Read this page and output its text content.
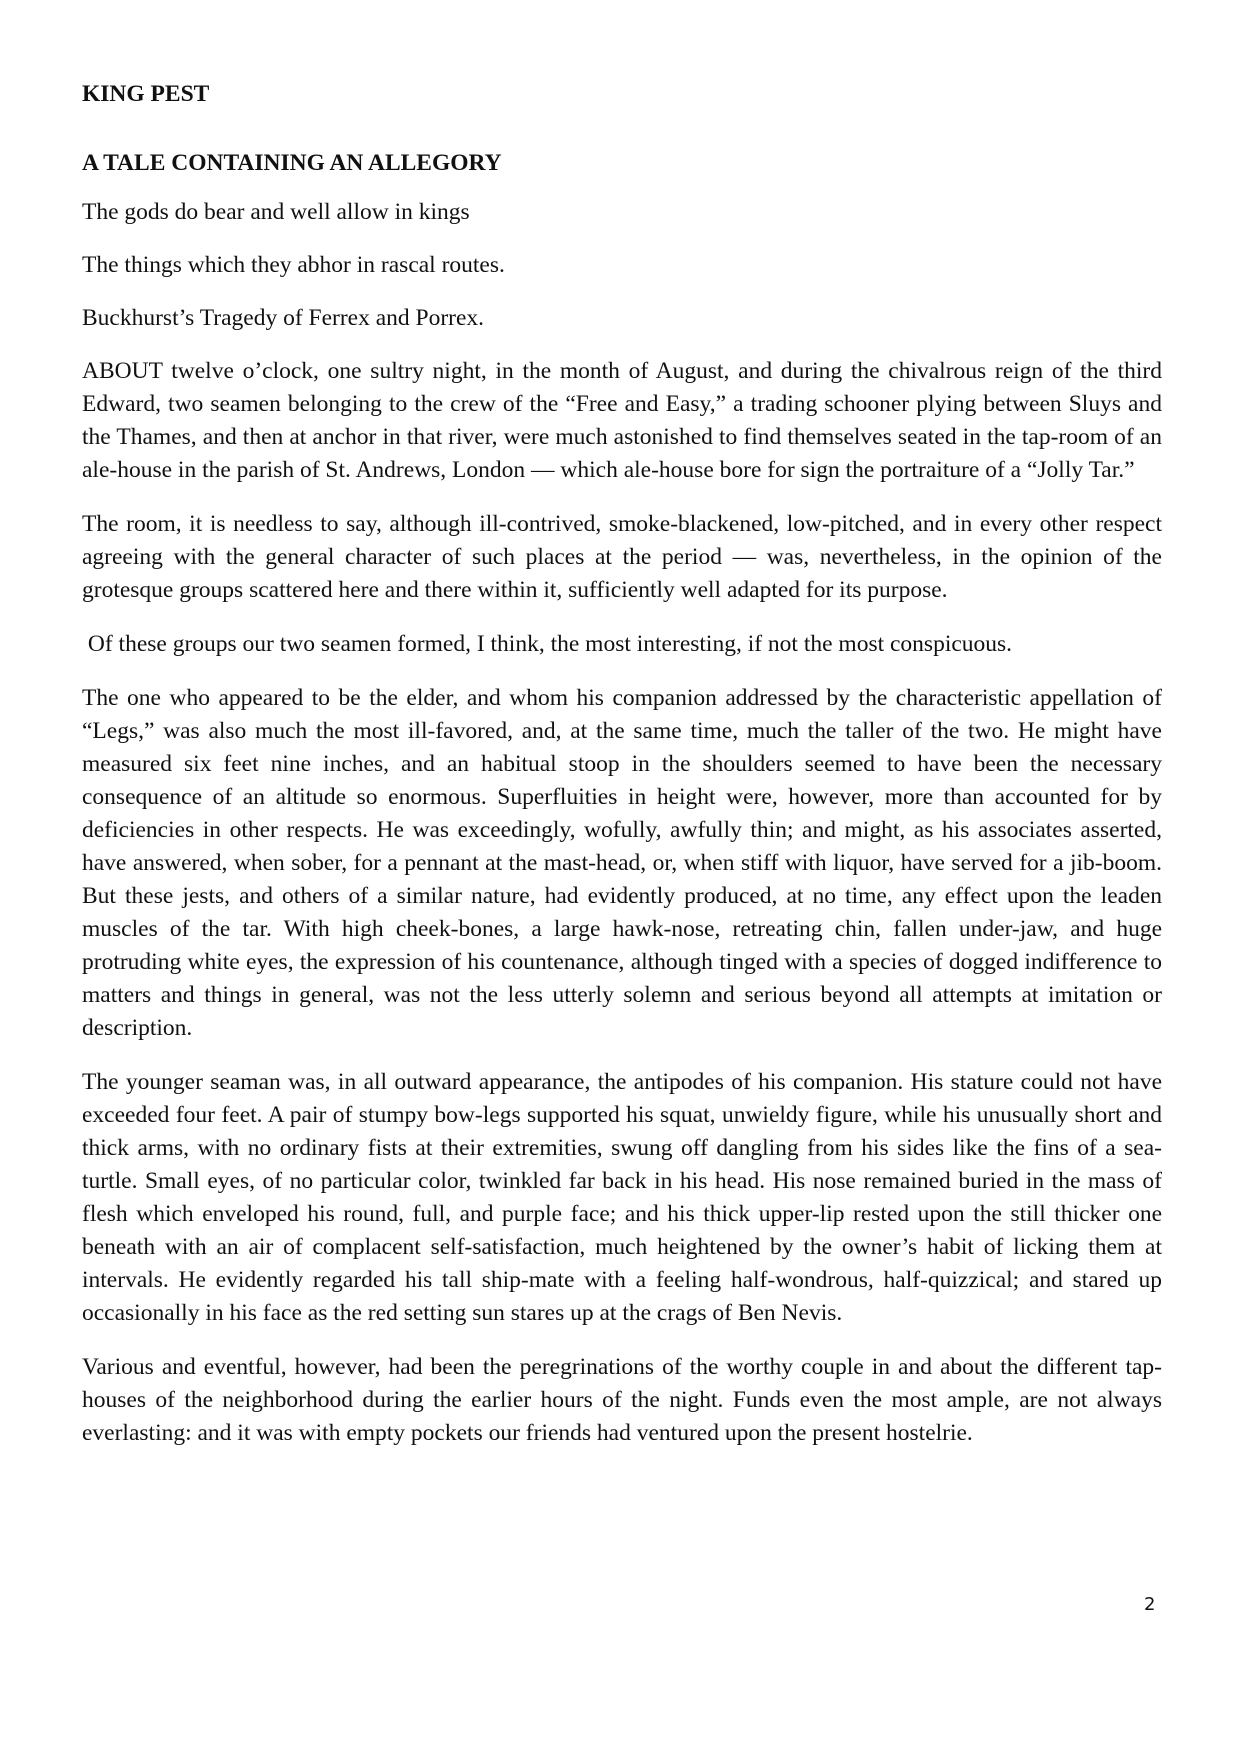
KING PEST
A TALE CONTAINING AN ALLEGORY

The gods do bear and well allow in kings

The things which they abhor in rascal routes.

Buckhurst’s Tragedy of Ferrex and Porrex.

ABOUT twelve o’clock, one sultry night, in the month of August, and during the chivalrous reign of the third Edward, two seamen belonging to the crew of the “Free and Easy,” a trading schooner plying between Sluys and the Thames, and then at anchor in that river, were much astonished to find themselves seated in the tap-room of an ale-house in the parish of St. Andrews, London — which ale-house bore for sign the portraiture of a “Jolly Tar.”

The room, it is needless to say, although ill-contrived, smoke-blackened, low-pitched, and in every other respect agreeing with the general character of such places at the period — was, nevertheless, in the opinion of the grotesque groups scattered here and there within it, sufficiently well adapted for its purpose.

Of these groups our two seamen formed, I think, the most interesting, if not the most conspicuous.

The one who appeared to be the elder, and whom his companion addressed by the characteristic appellation of “Legs,” was also much the most ill-favored, and, at the same time, much the taller of the two. He might have measured six feet nine inches, and an habitual stoop in the shoulders seemed to have been the necessary consequence of an altitude so enormous. Superfluities in height were, however, more than accounted for by deficiencies in other respects. He was exceedingly, wofully, awfully thin; and might, as his associates asserted, have answered, when sober, for a pennant at the mast-head, or, when stiff with liquor, have served for a jib-boom. But these jests, and others of a similar nature, had evidently produced, at no time, any effect upon the leaden muscles of the tar. With high cheek-bones, a large hawk-nose, retreating chin, fallen under-jaw, and huge protruding white eyes, the expression of his countenance, although tinged with a species of dogged indifference to matters and things in general, was not the less utterly solemn and serious beyond all attempts at imitation or description.

The younger seaman was, in all outward appearance, the antipodes of his companion. His stature could not have exceeded four feet. A pair of stumpy bow-legs supported his squat, unwieldy figure, while his unusually short and thick arms, with no ordinary fists at their extremities, swung off dangling from his sides like the fins of a sea-turtle. Small eyes, of no particular color, twinkled far back in his head. His nose remained buried in the mass of flesh which enveloped his round, full, and purple face; and his thick upper-lip rested upon the still thicker one beneath with an air of complacent self-satisfaction, much heightened by the owner’s habit of licking them at intervals. He evidently regarded his tall ship-mate with a feeling half-wondrous, half-quizzical; and stared up occasionally in his face as the red setting sun stares up at the crags of Ben Nevis.

Various and eventful, however, had been the peregrinations of the worthy couple in and about the different tap-houses of the neighborhood during the earlier hours of the night. Funds even the most ample, are not always everlasting: and it was with empty pockets our friends had ventured upon the present hostelrie.

2
